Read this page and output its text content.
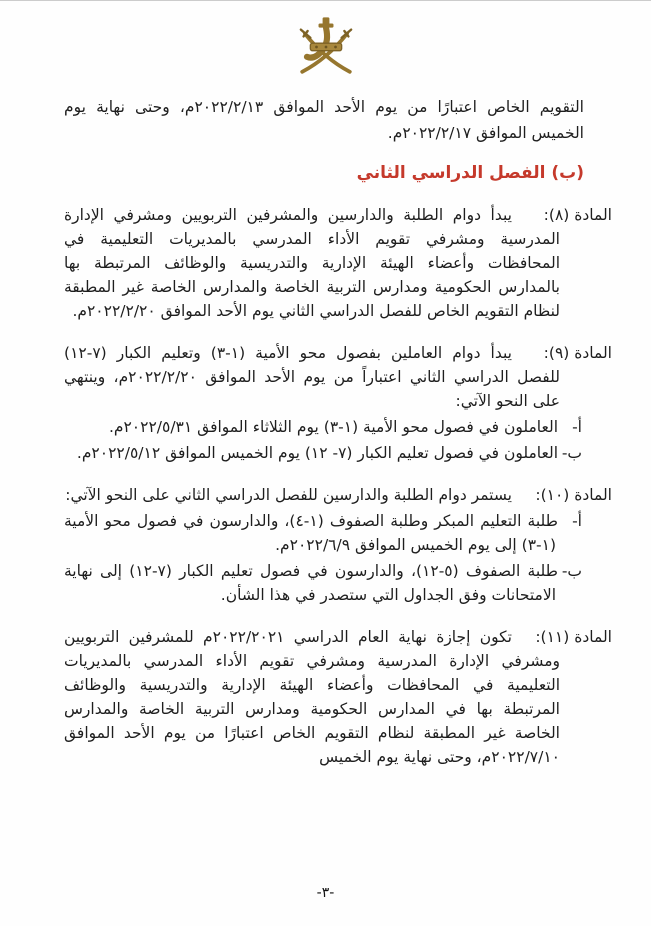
التقويم الخاص اعتبارًا من يوم الأحد الموافق ٢٠٢٢/٢/١٣م، وحتى نهاية يوم الخميس الموافق ٢٠٢٢/٢/١٧م.

(ب) الفصل الدراسي الثاني

المادة (٨):يبدأ دوام الطلبة والدارسين والمشرفين التربويين ومشرفي الإدارة المدرسية ومشرفي تقويم الأداء المدرسي بالمديريات التعليمية في المحافظات وأعضاء الهيئة الإدارية والتدريسية والوظائف المرتبطة بها بالمدارس الحكومية ومدارس التربية الخاصة والمدارس الخاصة غير المطبقة لنظام التقويم الخاص للفصل الدراسي الثاني يوم الأحد الموافق ٢٠٢٢/٢/٢٠م.

المادة (٩):يبدأ دوام العاملين بفصول محو الأمية (١-٣) وتعليم الكبار (٧-١٢) للفصل الدراسي الثاني اعتباراً من يوم الأحد الموافق ٢٠٢٢/٢/٢٠م، وينتهي على النحو الآتي:

أ-العاملون في فصول محو الأمية (١-٣) يوم الثلاثاء الموافق ٢٠٢٢/٥/٣١م.

ب-العاملون في فصول تعليم الكبار (٧- ١٢) يوم الخميس الموافق ٢٠٢٢/٥/١٢م.

المادة (١٠):يستمر دوام الطلبة والدارسين للفصل الدراسي الثاني على النحو الآتي:

أ-طلبة التعليم المبكر وطلبة الصفوف (١-٤)، والدارسون في فصول محو الأمية (١-٣) إلى يوم الخميس الموافق ٢٠٢٢/٦/٩م.

ب-طلبة الصفوف (٥-١٢)، والدارسون في فصول تعليم الكبار (٧-١٢) إلى نهاية الامتحانات وفق الجداول التي ستصدر في هذا الشأن.

المادة (١١):تكون إجازة نهاية العام الدراسي ٢٠٢٢/٢٠٢١م للمشرفين التربويين ومشرفي الإدارة المدرسية ومشرفي تقويم الأداء المدرسي بالمديريات التعليمية في المحافظات وأعضاء الهيئة الإدارية والتدريسية والوظائف المرتبطة بها في المدارس الحكومية ومدارس التربية الخاصة والمدارس الخاصة غير المطبقة لنظام التقويم الخاص اعتبارًا من يوم الأحد الموافق ٢٠٢٢/٧/١٠م، وحتى نهاية يوم الخميس

-٣-
